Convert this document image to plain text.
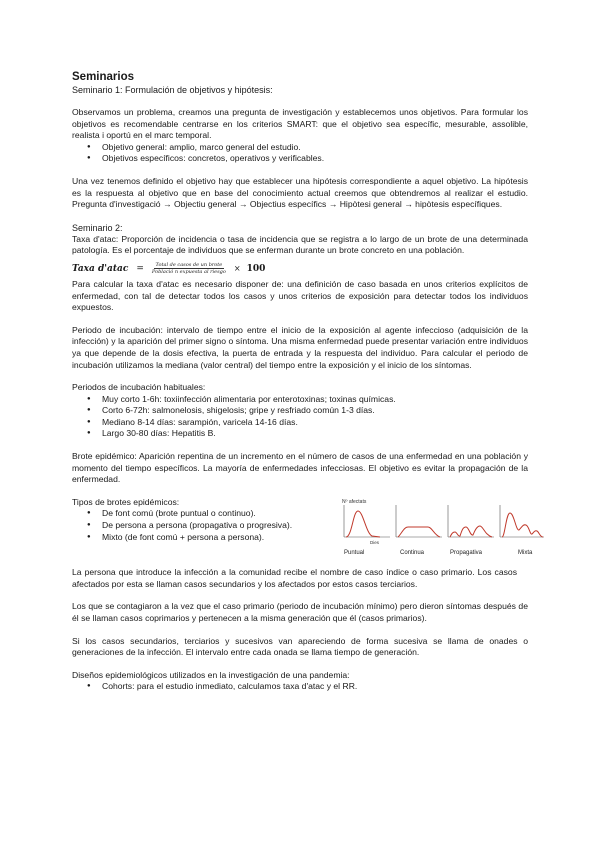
Seminarios
Seminario 1: Formulación de objetivos y hipótesis:

Observamos un problema, creamos una pregunta de investigación y establecemos unos objetivos. Para formular los objetivos es recomendable centrarse en los criterios SMART: que el objetivo sea específic, mesurable, assolible, realista i oportú en el marc temporal.

● Objetivo general: amplio, marco general del estudio.
● Objetivos específicos: concretos, operativos y verificables.

Una vez tenemos definido el objetivo hay que establecer una hipótesis correspondiente a aquel objetivo. La hipótesis es la respuesta al objetivo que en base del conocimiento actual creemos que obtendremos al realizar el estudio. Pregunta d'investigació → Objectiu general → Objectius específics → Hipòtesi general → hipòtesis específiques.

Seminario 2:

Taxa d'atac: Proporción de incidencia o tasa de incidencia que se registra a lo largo de un brote de una determinada patología. Es el porcentaje de individuos que se enferman durante un brote concreto en una población.

Taxa d'atac = $\frac{\text{Total de casos de un brote}}{\text{Població n expuesta al riesgo}} \times 100$

Para calcular la taxa d'atac es necesario disponer de: una definición de caso basada en unos criterios explícitos de enfermedad, con tal de detectar todos los casos y unos criterios de exposición para detectar todos los individuos expuestos.

Periodo de incubación: intervalo de tiempo entre el inicio de la exposición al agente infeccioso (adquisición de la infección) y la aparición del primer signo o síntoma. Una misma enfermedad puede presentar variación entre individuos ya que depende de la dosis efectiva, la puerta de entrada y la respuesta del individuo. Para calcular el periodo de incubación utilizamos la mediana (valor central) del tiempo entre la exposición y el inicio de los síntomas.

Periodos de incubación habituales:
● Muy corto 1-6h: toxiinfección alimentaria por enterotoxinas; toxinas químicas.
● Corto 6-72h: salmonelosis, shigelosis; gripe y resfriado común 1-3 días.
● Mediano 8-14 días: sarampión, varicela 14-16 días.
● Largo 30-80 días: Hepatitis B.

Brote epidémico: Aparición repentina de un incremento en el número de casos de una enfermedad en una población y momento del tiempo específicos. La mayoría de enfermedades infecciosas. El objetivo es evitar la propagación de la enfermedad.

Tipos de brotes epidémicos:
● De font comú (brote puntual o continuo).
● De persona a persona (propagativa o progresiva).
● Mixto (de font comú + persona a persona).
Nº afectats
Dies
Puntual	Continua	Propagativa	Mixta

La persona que introduce la infección a la comunidad recibe el nombre de caso índice o caso primario. Los casos afectados por esta se llaman casos secundarios y los afectados por estos casos terciarios.

Los que se contagiaron a la vez que el caso primario (periodo de incubación mínimo) pero dieron síntomas después de él se llaman casos coprimarios y pertenecen a la misma generación que él (casos primarios).

Si los casos secundarios, terciarios y sucesivos van apareciendo de forma sucesiva se llama de onades o generaciones de la infección. El intervalo entre cada onada se llama tiempo de generación.

Diseños epidemiológicos utilizados en la investigación de una pandemia:
● Cohorts: para el estudio inmediato, calculamos taxa d'atac y el RR.
